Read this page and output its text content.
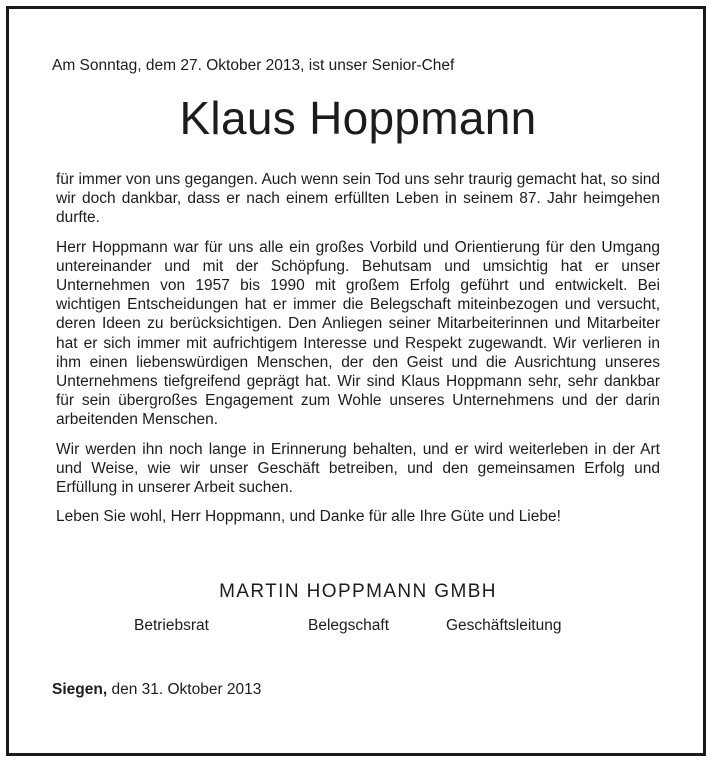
Am Sonntag, dem 27. Oktober 2013, ist unser Senior-Chef
Klaus Hoppmann

für immer von uns gegangen. Auch wenn sein Tod uns sehr traurig gemacht hat, so sind wir doch dankbar, dass er nach einem erfüllten Leben in seinem 87. Jahr heimgehen durfte.

Herr Hoppmann war für uns alle ein großes Vorbild und Orientierung für den Umgang untereinander und mit der Schöpfung. Behutsam und umsichtig hat er unser Unternehmen von 1957 bis 1990 mit großem Erfolg geführt und entwickelt. Bei wichtigen Entscheidungen hat er immer die Belegschaft miteinbezogen und versucht, deren Ideen zu berücksichtigen. Den Anliegen seiner Mitarbeiterinnen und Mitarbeiter hat er sich immer mit aufrichtigem Interesse und Respekt zugewandt. Wir verlieren in ihm einen liebenswürdigen Menschen, der den Geist und die Ausrichtung unseres Unternehmens tiefgreifend geprägt hat. Wir sind Klaus Hoppmann sehr, sehr dankbar für sein übergroßes Engagement zum Wohle unseres Unternehmens und der darin arbeitenden Menschen.

Wir werden ihn noch lange in Erinnerung behalten, und er wird weiterleben in der Art und Weise, wie wir unser Geschäft betreiben, und den gemeinsamen Erfolg und Erfüllung in unserer Arbeit suchen.

Leben Sie wohl, Herr Hoppmann, und Danke für alle Ihre Güte und Liebe!

MARTIN HOPPMANN GMBH
Betriebsrat	Belegschaft	Geschäftsleitung
Siegen, den 31. Oktober 2013
